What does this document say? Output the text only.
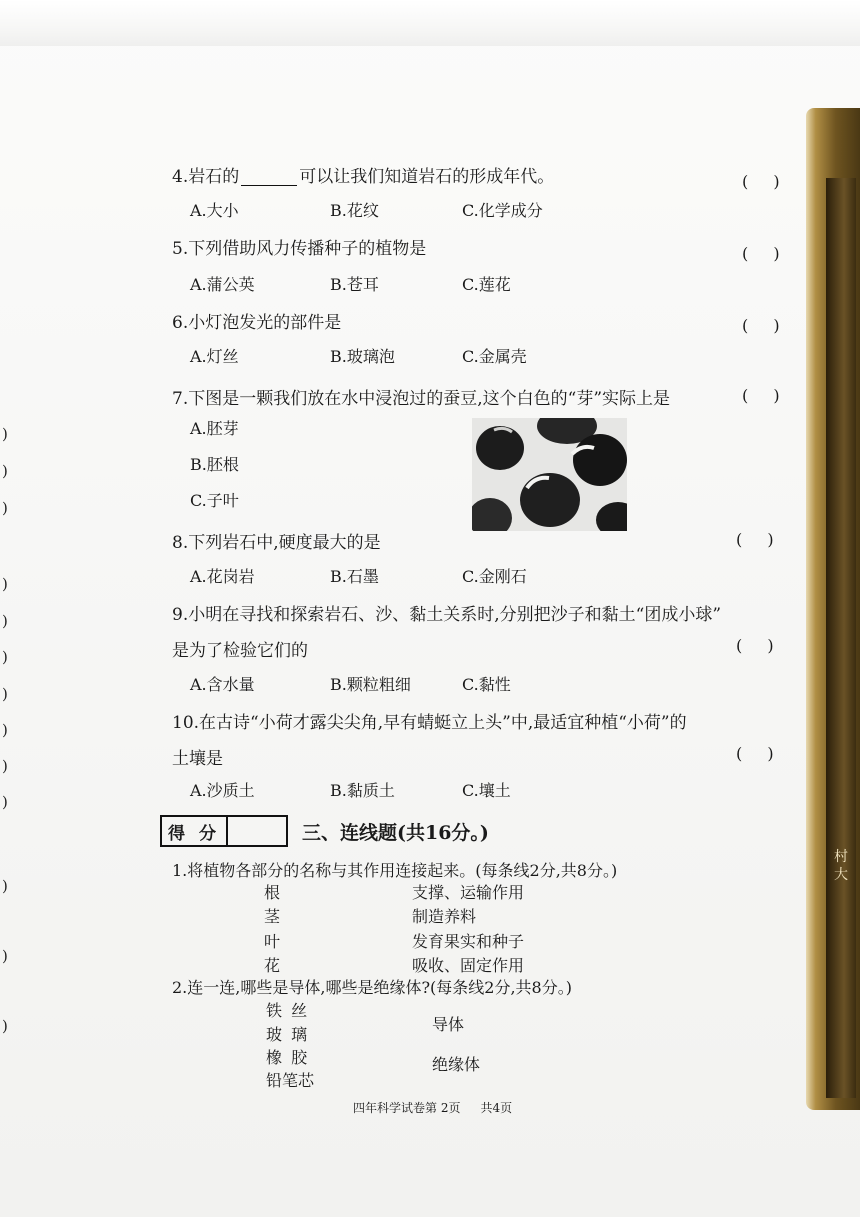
村大
)
)
)
)
)
)
)
)
)
)
)
)
)
4.岩石的	可以让我们知道岩石的形成年代。	( )
A.大小	B.花纹	C.化学成分
5.下列借助风力传播种子的植物是	( )
A.蒲公英	B.苍耳	C.莲花
6.小灯泡发光的部件是	( )
A.灯丝	B.玻璃泡	C.金属壳
7.下图是一颗我们放在水中浸泡过的蚕豆,这个白色的“芽”实际上是	( )
A.胚芽
B.胚根
C.子叶
8.下列岩石中,硬度最大的是	( )
A.花岗岩	B.石墨	C.金刚石
9.小明在寻找和探索岩石、沙、黏土关系时,分别把沙子和黏土“团成小球”
是为了检验它们的	( )
A.含水量	B.颗粒粗细	C.黏性
10.在古诗“小荷才露尖尖角,早有蜻蜓立上头”中,最适宜种植“小荷”的
土壤是	( )
A.沙质土	B.黏质土	C.壤土
得 分	三、连线题(共16分。)
1.将植物各部分的名称与其作用连接起来。(每条线2分,共8分。)
根
茎
叶
花
支撑、运输作用
制造养料
发育果实和种子
吸收、固定作用
2.连一连,哪些是导体,哪些是绝缘体?(每条线2分,共8分。)
铁 丝
玻 璃
橡 胶
铅笔芯
导体
绝缘体
四年科学试卷第 2页 共4页
